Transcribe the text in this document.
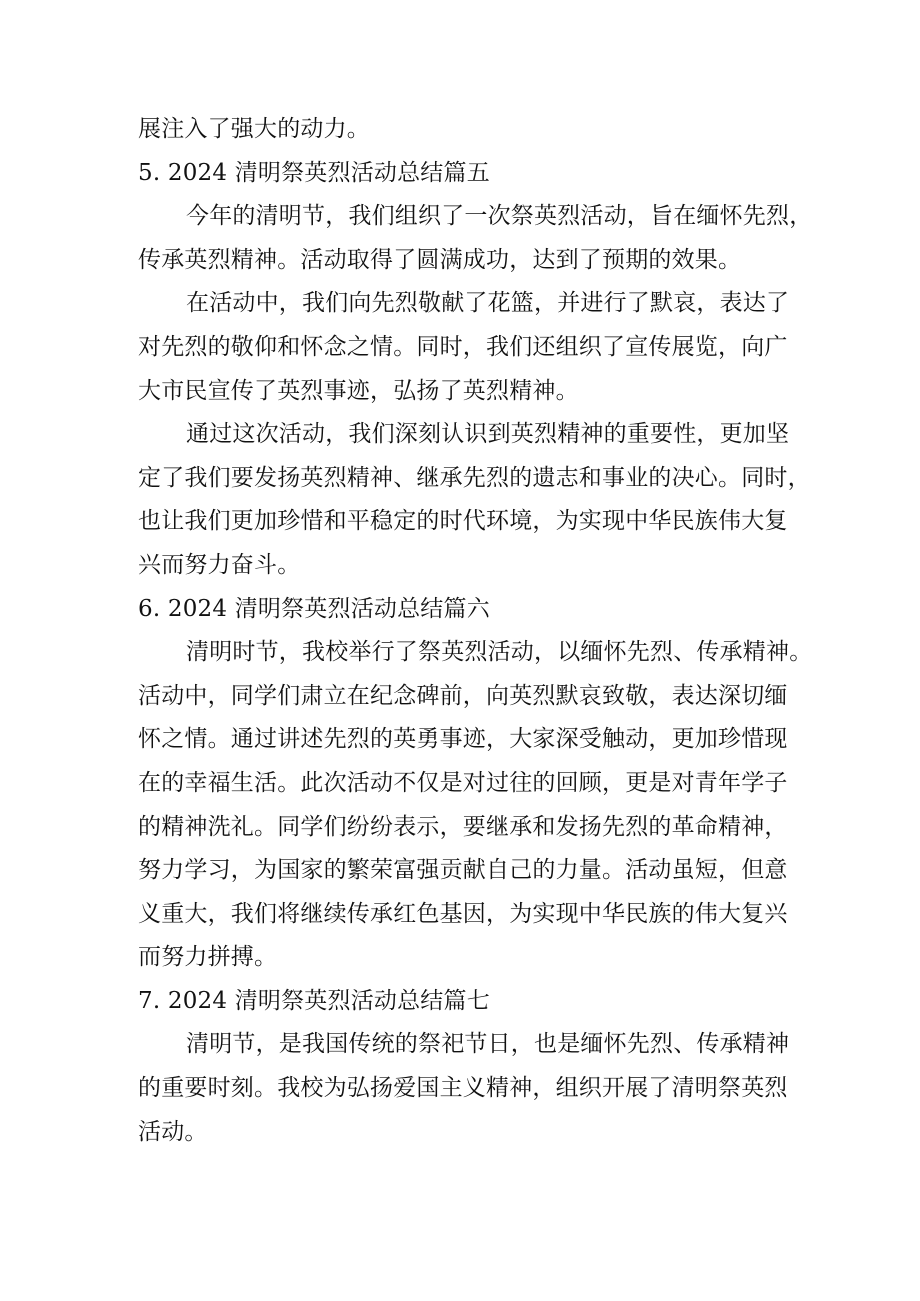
展注入了强大的动力。
5. 2024 清明祭英烈活动总结篇五
今年的清明节，我们组织了一次祭英烈活动，旨在缅怀先烈，
传承英烈精神。活动取得了圆满成功，达到了预期的效果。
在活动中，我们向先烈敬献了花篮，并进行了默哀，表达了
对先烈的敬仰和怀念之情。同时，我们还组织了宣传展览，向广
大市民宣传了英烈事迹，弘扬了英烈精神。
通过这次活动，我们深刻认识到英烈精神的重要性，更加坚
定了我们要发扬英烈精神、继承先烈的遗志和事业的决心。同时，
也让我们更加珍惜和平稳定的时代环境，为实现中华民族伟大复
兴而努力奋斗。
6. 2024 清明祭英烈活动总结篇六
清明时节，我校举行了祭英烈活动，以缅怀先烈、传承精神。
活动中，同学们肃立在纪念碑前，向英烈默哀致敬，表达深切缅
怀之情。通过讲述先烈的英勇事迹，大家深受触动，更加珍惜现
在的幸福生活。此次活动不仅是对过往的回顾，更是对青年学子
的精神洗礼。同学们纷纷表示，要继承和发扬先烈的革命精神，
努力学习，为国家的繁荣富强贡献自己的力量。活动虽短，但意
义重大，我们将继续传承红色基因，为实现中华民族的伟大复兴
而努力拼搏。
7. 2024 清明祭英烈活动总结篇七
清明节，是我国传统的祭祀节日，也是缅怀先烈、传承精神
的重要时刻。我校为弘扬爱国主义精神，组织开展了清明祭英烈
活动。
